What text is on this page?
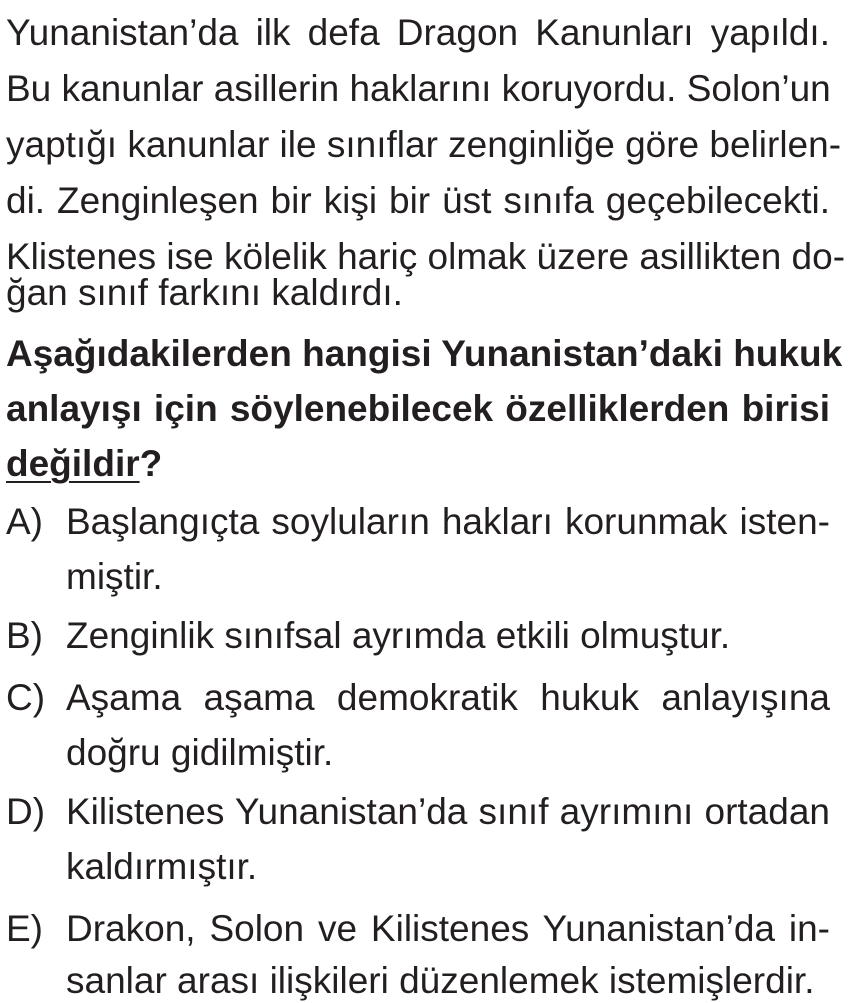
Yunanistan’da ilk defa Dragon Kanunları yapıldı.
Bu kanunlar asillerin haklarını koruyordu. Solon’un
yaptığı kanunlar ile sınıflar zenginliğe göre belirlen-
di. Zenginleşen bir kişi bir üst sınıfa geçebilecekti.
Klistenes ise kölelik hariç olmak üzere asillikten do-
ğan sınıf farkını kaldırdı.
Aşağıdakilerden hangisi Yunanistan’daki hukuk
anlayışı için söylenebilecek özelliklerden birisi
değildir?
A) Başlangıçta soyluların hakları korunmak isten-
miştir.
B) Zenginlik sınıfsal ayrımda etkili olmuştur.
C) Aşama aşama demokratik hukuk anlayışına
doğru gidilmiştir.
D) Kilistenes Yunanistan’da sınıf ayrımını ortadan
kaldırmıştır.
E) Drakon, Solon ve Kilistenes Yunanistan’da in-
sanlar arası ilişkileri düzenlemek istemişlerdir.
